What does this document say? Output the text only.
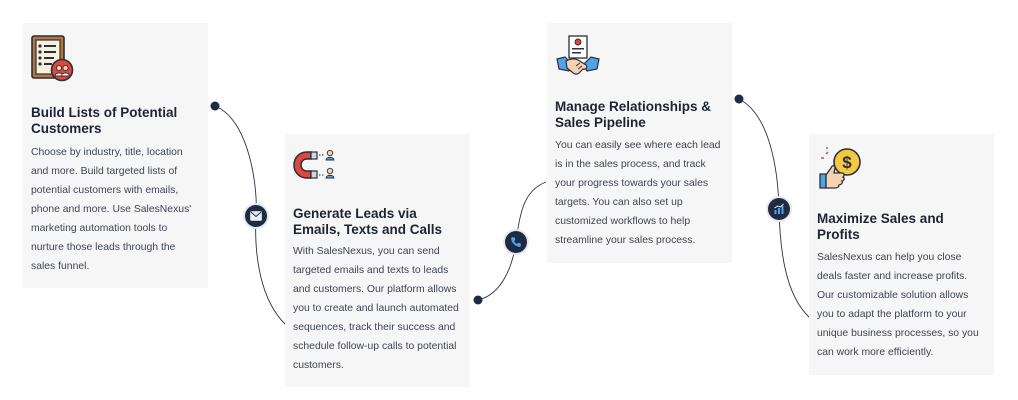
Build Lists of Potential Customers

Choose by industry, title, location and more. Build targeted lists of potential customers with emails, phone and more. Use SalesNexus' marketing automation tools to nurture those leads through the sales funnel.

Generate Leads via Emails, Texts and Calls

With SalesNexus, you can send targeted emails and texts to leads and customers. Our platform allows you to create and launch automated sequences, track their success and schedule follow-up calls to potential customers.

Manage Relationships & Sales Pipeline

You can easily see where each lead is in the sales process, and track your progress towards your sales targets. You can also set up customized workflows to help streamline your sales process.

$
Maximize Sales and Profits

SalesNexus can help you close deals faster and increase profits. Our customizable solution allows you to adapt the platform to your unique business processes, so you can work more efficiently.
